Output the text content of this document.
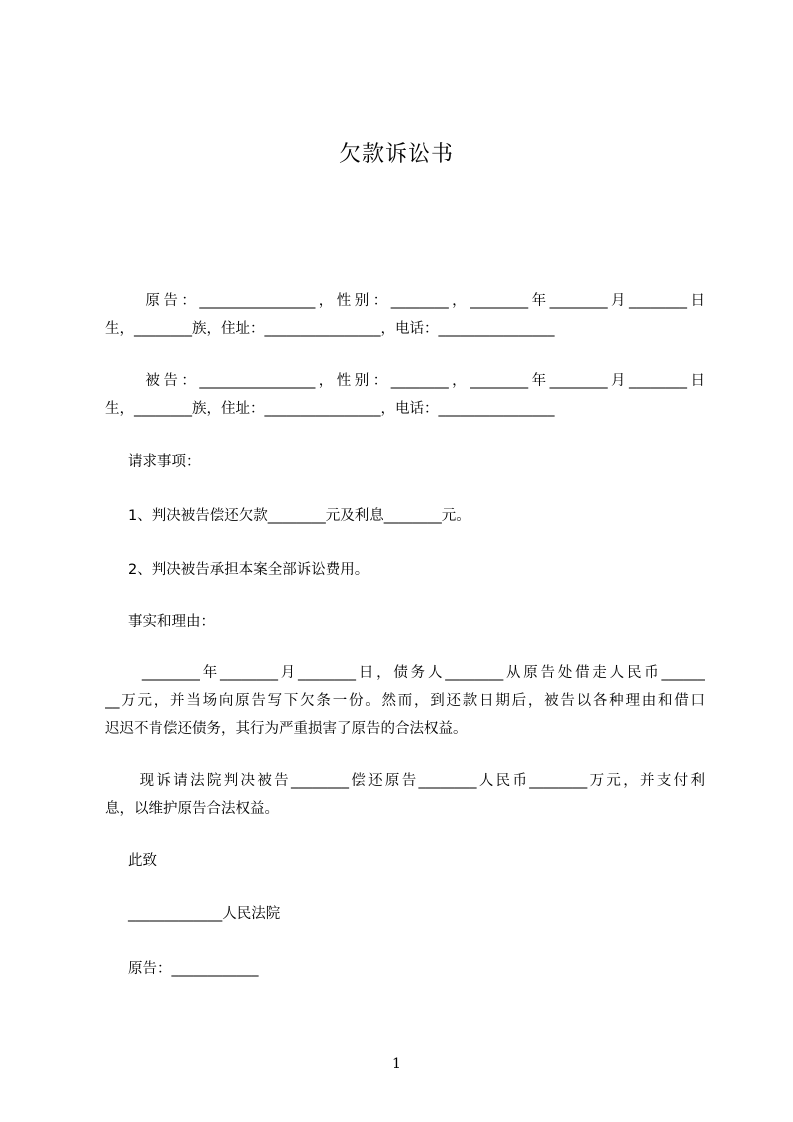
欠款诉讼书
原告：________________，性别：________，________年________月________日
生，________族，住址：________________，电话：________________
被告：________________，性别：________，________年________月________日
生，________族，住址：________________，电话：________________
请求事项：
1、判决被告偿还欠款________元及利息________元。
2、判决被告承担本案全部诉讼费用。
事实和理由：
________年________月________日，债务人________从原告处借走人民币______
__万元，并当场向原告写下欠条一份。然而，到还款日期后，被告以各种理由和借口
迟迟不肯偿还债务，其行为严重损害了原告的合法权益。
现诉请法院判决被告________偿还原告________人民币________万元，并支付利
息，以维护原告合法权益。
此致
_____________人民法院
原告：____________
1
